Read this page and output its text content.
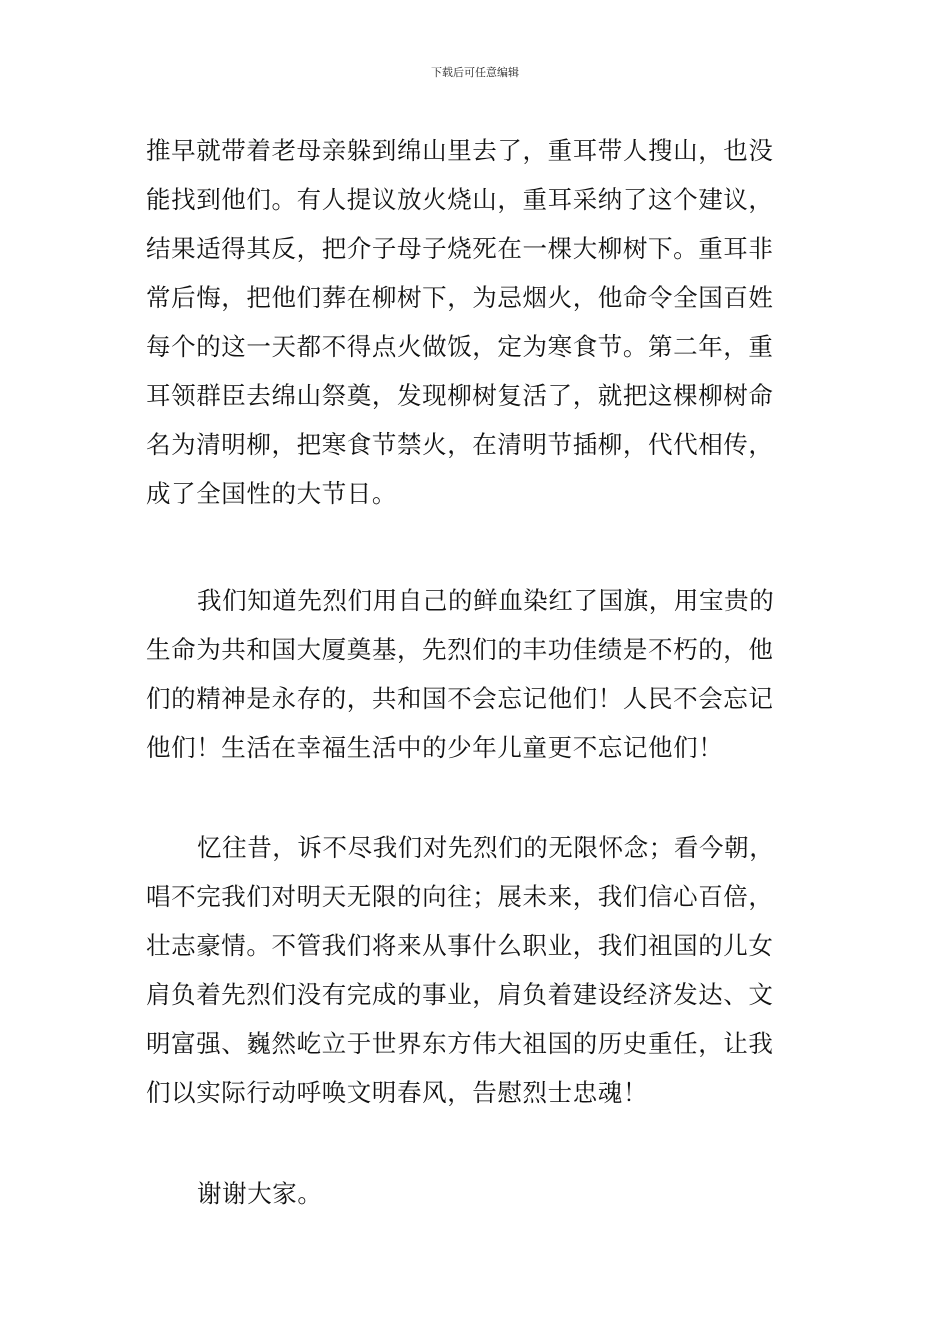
下载后可任意编辑
推早就带着老母亲躲到绵山里去了，重耳带人搜山，也没
能找到他们。有人提议放火烧山，重耳采纳了这个建议，
结果适得其反，把介子母子烧死在一棵大柳树下。重耳非
常后悔，把他们葬在柳树下，为忌烟火，他命令全国百姓
每个的这一天都不得点火做饭，定为寒食节。第二年，重
耳领群臣去绵山祭奠，发现柳树复活了，就把这棵柳树命
名为清明柳，把寒食节禁火，在清明节插柳，代代相传，
成了全国性的大节日。
我们知道先烈们用自己的鲜血染红了国旗，用宝贵的
生命为共和国大厦奠基，先烈们的丰功佳绩是不朽的，他
们的精神是永存的，共和国不会忘记他们！人民不会忘记
他们！生活在幸福生活中的少年儿童更不忘记他们！
忆往昔，诉不尽我们对先烈们的无限怀念；看今朝，
唱不完我们对明天无限的向往；展未来，我们信心百倍，
壮志豪情。不管我们将来从事什么职业，我们祖国的儿女
肩负着先烈们没有完成的事业，肩负着建设经济发达、文
明富强、巍然屹立于世界东方伟大祖国的历史重任，让我
们以实际行动呼唤文明春风，告慰烈士忠魂！
谢谢大家。
